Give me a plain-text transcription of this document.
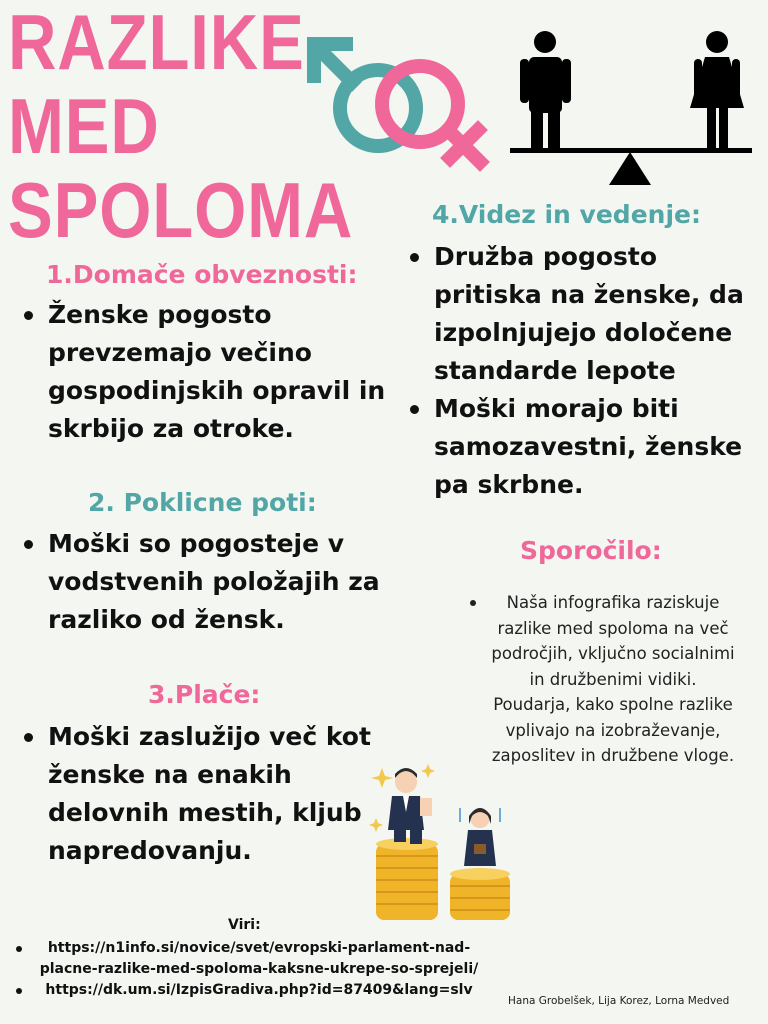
RAZLIKE
MED
SPOLOMA
1.Domače obveznosti:
Ženske pogosto prevzemajo večino gospodinjskih opravil in skrbijo za otroke.
2. Poklicne poti:
Moški so pogosteje v vodstvenih položajih za razliko od žensk.
3.Plače:
Moški zaslužijo več kot ženske na enakih delovnih mestih, kljub napredovanju.
4.Videz in vedenje:
Družba pogosto pritiska na ženske, da izpolnjujejo določene standarde lepote
Moški morajo biti samozavestni, ženske pa skrbne.
Sporočilo:
Naša infografika raziskuje razlike med spoloma na več področjih, vključno socialnimi in družbenimi vidiki. Poudarja, kako spolne razlike vplivajo na izobraževanje, zaposlitev in družbene vloge.
Viri:
https://n1info.si/novice/svet/evropski-parlament-nad-placne-razlike-med-spoloma-kaksne-ukrepe-so-sprejeli/
https://dk.um.si/IzpisGradiva.php?id=87409&lang=slv
Hana Grobelšek, Lija Korez, Lorna Medved
